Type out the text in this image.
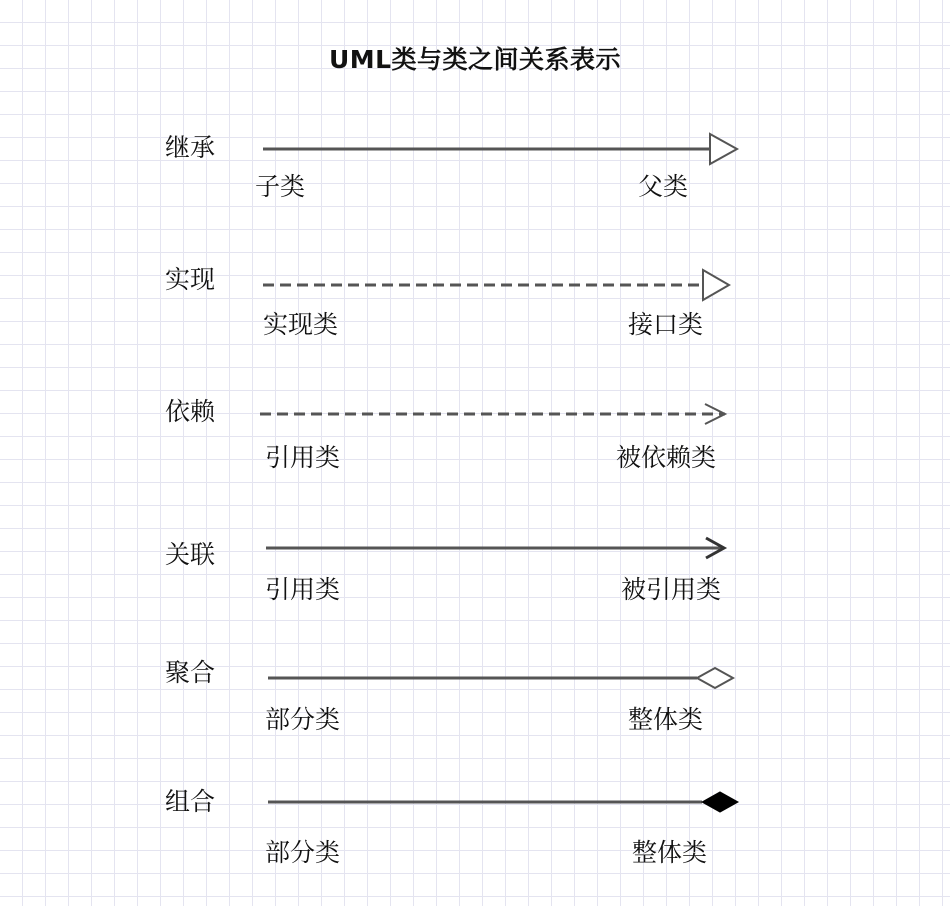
UML类与类之间关系表示
继承
子类	父类
实现
实现类	接口类
依赖
引用类	被依赖类
关联
引用类	被引用类
聚合
部分类	整体类
组合
部分类	整体类
